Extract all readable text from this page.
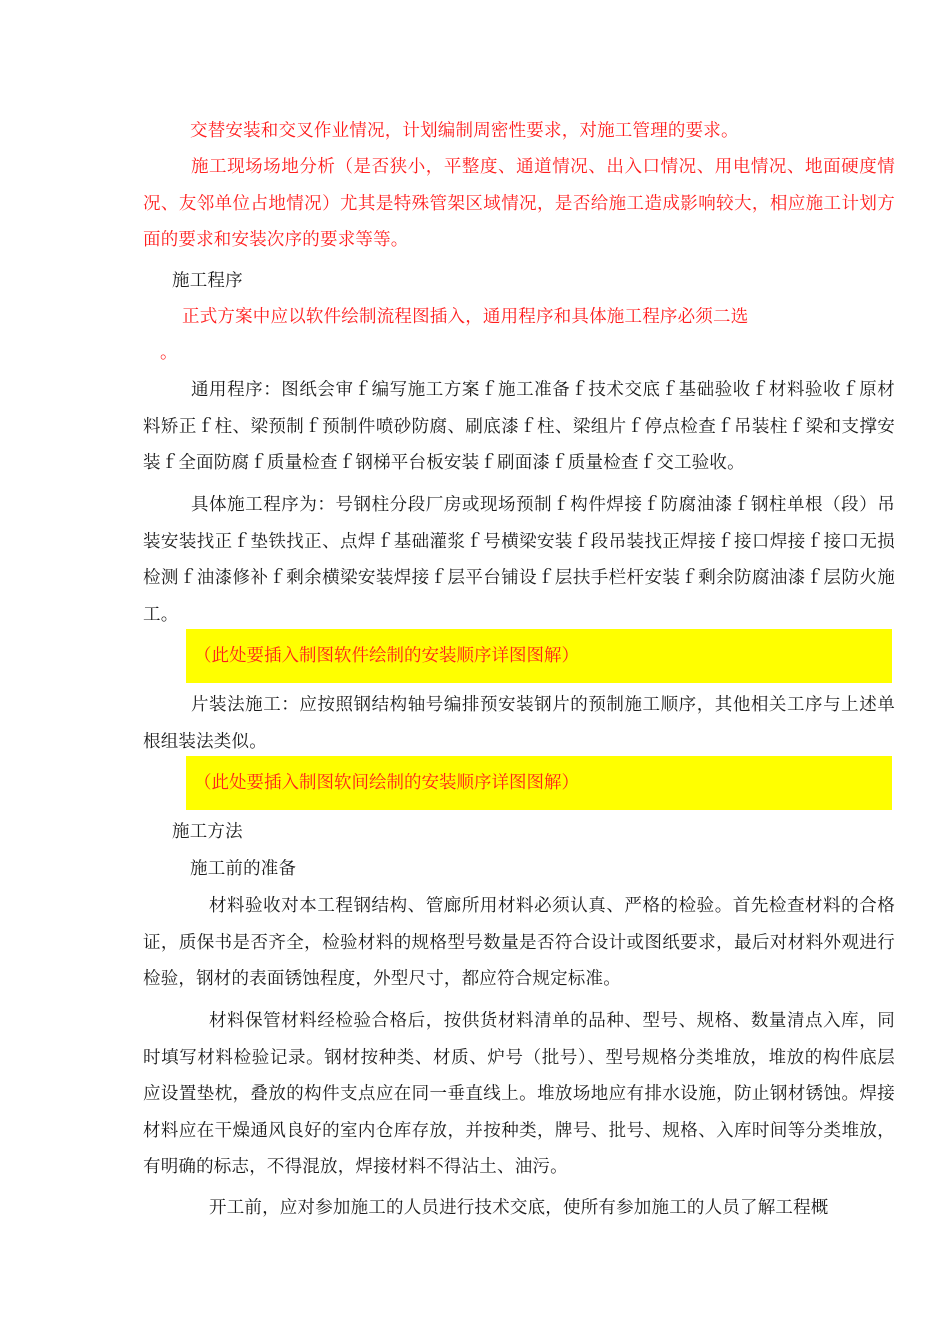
交替安装和交叉作业情况，计划编制周密性要求，对施工管理的要求。

施工现场场地分析（是否狭小，平整度、通道情况、出入口情况、用电情况、地面硬度情况、友邻单位占地情况）尤其是特殊管架区域情况，是否给施工造成影响较大，相应施工计划方面的要求和安装次序的要求等等。

施工程序

正式方案中应以软件绘制流程图插入，通用程序和具体施工程序必须二选

。

通用程序：图纸会审ｆ编写施工方案ｆ施工准备ｆ技术交底ｆ基础验收ｆ材料验收ｆ原材料矫正ｆ柱、梁预制ｆ预制件喷砂防腐、刷底漆ｆ柱、梁组片ｆ停点检查ｆ吊装柱ｆ梁和支撑安装ｆ全面防腐ｆ质量检查ｆ钢梯平台板安装ｆ刷面漆ｆ质量检查ｆ交工验收。

具体施工程序为：号钢柱分段厂房或现场预制ｆ构件焊接ｆ防腐油漆ｆ钢柱单根（段）吊装安装找正ｆ垫铁找正、点焊ｆ基础灌浆ｆ号横梁安装ｆ段吊装找正焊接ｆ接口焊接ｆ接口无损检测ｆ油漆修补ｆ剩余横梁安装焊接ｆ层平台铺设ｆ层扶手栏杆安装ｆ剩余防腐油漆ｆ层防火施工。

（此处要插入制图软件绘制的安装顺序详图图解）

片装法施工：应按照钢结构轴号编排预安装钢片的预制施工顺序，其他相关工序与上述单根组装法类似。

（此处要插入制图软间绘制的安装顺序详图图解）

施工方法

施工前的准备

材料验收对本工程钢结构、管廊所用材料必须认真、严格的检验。首先检查材料的合格证，质保书是否齐全，检验材料的规格型号数量是否符合设计或图纸要求，最后对材料外观进行检验，钢材的表面锈蚀程度，外型尺寸，都应符合规定标准。

材料保管材料经检验合格后，按供货材料清单的品种、型号、规格、数量清点入库，同时填写材料检验记录。钢材按种类、材质、炉号（批号）、型号规格分类堆放，堆放的构件底层应设置垫枕，叠放的构件支点应在同一垂直线上。堆放场地应有排水设施，防止钢材锈蚀。焊接材料应在干燥通风良好的室内仓库存放，并按种类，牌号、批号、规格、入库时间等分类堆放，有明确的标志，不得混放，焊接材料不得沾土、油污。

开工前，应对参加施工的人员进行技术交底，使所有参加施工的人员了解工程概
